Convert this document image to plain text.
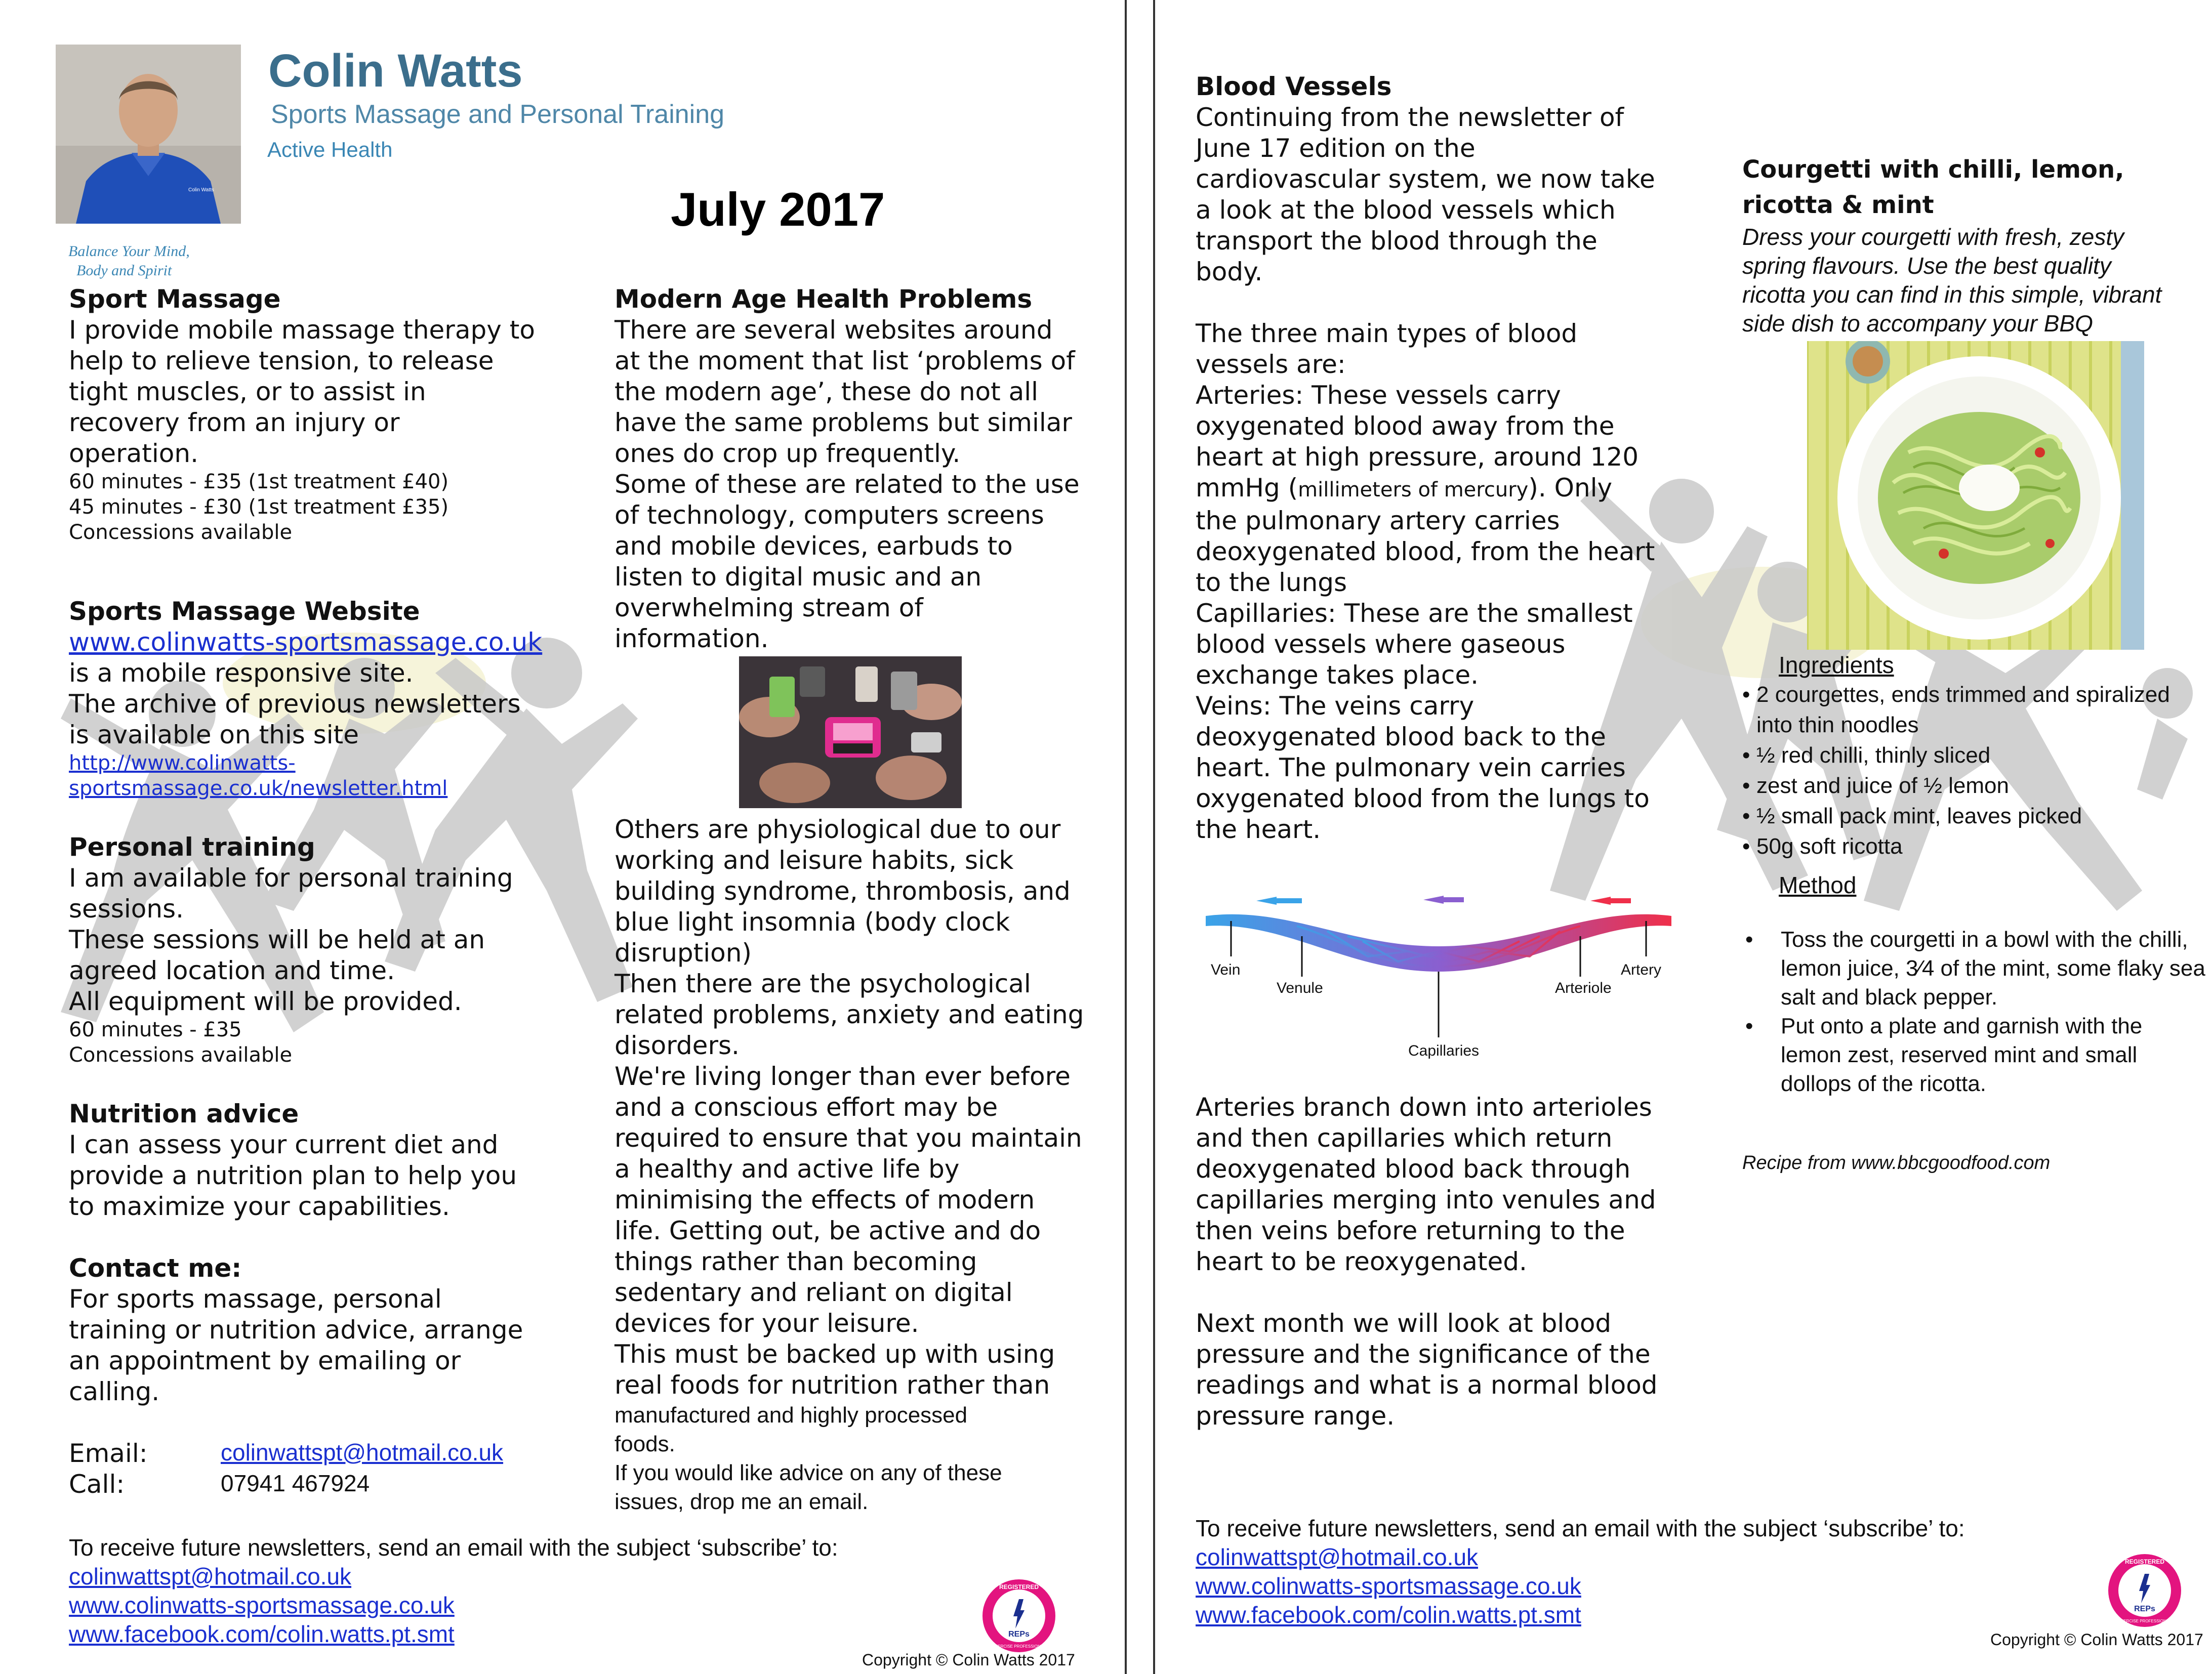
Colin Watts
Colin Watts
Sports Massage and Personal Training
Active Health
July 2017
Balance Your Mind,
Body and Spirit
Sport Massage
I provide mobile massage therapy to
help to relieve tension, to release
tight muscles, or to assist in
recovery from an injury or
operation.
60 minutes - £35 (1st treatment £40)
45 minutes - £30 (1st treatment £35)
Concessions available
Sports Massage Website
www.colinwatts-sportsmassage.co.uk
is a mobile responsive site.
The archive of previous newsletters
is available on this site
http://www.colinwatts-
sportsmassage.co.uk/newsletter.html
Personal training
I am available for personal training
sessions.
These sessions will be held at an
agreed location and time.
All equipment will be provided.
60 minutes - £35
Concessions available
Nutrition advice
I can assess your current diet and
provide a nutrition plan to help you
to maximize your capabilities.
Contact me:
For sports massage, personal
training or nutrition advice, arrange
an appointment by emailing or
calling.
Email:	colinwattspt@hotmail.co.uk
Call:	07941 467924
Modern Age Health Problems
There are several websites around
at the moment that list ‘problems of
the modern age’, these do not all
have the same problems but similar
ones do crop up frequently.
Some of these are related to the use
of technology, computers screens
and mobile devices, earbuds to
listen to digital music and an
overwhelming stream of
information.
Others are physiological due to our
working and leisure habits, sick
building syndrome, thrombosis, and
blue light insomnia (body clock
disruption)
Then there are the psychological
related problems, anxiety and eating
disorders.
We're living longer than ever before
and a conscious effort may be
required to ensure that you maintain
a healthy and active life by
minimising the effects of modern
life. Getting out, be active and do
things rather than becoming
sedentary and reliant on digital
devices for your leisure.
This must be backed up with using
real foods for nutrition rather than
manufactured and highly processed
foods.
If you would like advice on any of these
issues, drop me an email.
To receive future newsletters, send an email with the subject ‘subscribe’ to:
colinwattspt@hotmail.co.uk
www.colinwatts-sportsmassage.co.uk
www.facebook.com/colin.watts.pt.smt
REGISTERED
REPs
EXERCISE PROFESSIONAL
Copyright © Colin Watts 2017
Blood Vessels
Continuing from the newsletter of
June 17 edition on the
cardiovascular system, we now take
a look at the blood vessels which
transport the blood through the
body.
The three main types of blood
vessels are:
Arteries: These vessels carry
oxygenated blood away from the
heart at high pressure, around 120
mmHg (millimeters of mercury). Only
the pulmonary artery carries
deoxygenated blood, from the heart
to the lungs
Capillaries: These are the smallest
blood vessels where gaseous
exchange takes place.
Veins: The veins carry
deoxygenated blood back to the
heart. The pulmonary vein carries
oxygenated blood from the lungs to
the heart.
Vein
Venule
Capillaries
Arteriole
Artery
Arteries branch down into arterioles
and then capillaries which return
deoxygenated blood back through
capillaries merging into venules and
then veins before returning to the
heart to be reoxygenated.
Next month we will look at blood
pressure and the significance of the
readings and what is a normal blood
pressure range.
Courgetti with chilli, lemon,
ricotta & mint
Dress your courgetti with fresh, zesty
spring flavours. Use the best quality
ricotta you can find in this simple, vibrant
side dish to accompany your BBQ
Ingredients
• 2 courgettes, ends trimmed and spiralized into thin noodles
• ½ red chilli, thinly sliced
• zest and juice of ½ lemon
• ½ small pack mint, leaves picked
• 50g soft ricotta
Method
• Toss the courgetti in a bowl with the chilli, lemon juice, 3⁄4 of the mint, some flaky sea salt and black pepper.
• Put onto a plate and garnish with the lemon zest, reserved mint and small dollops of the ricotta.
Recipe from www.bbcgoodfood.com
To receive future newsletters, send an email with the subject ‘subscribe’ to:
colinwattspt@hotmail.co.uk
www.colinwatts-sportsmassage.co.uk
www.facebook.com/colin.watts.pt.smt
REGISTERED
REPs
EXERCISE PROFESSIONAL
Copyright © Colin Watts 2017
